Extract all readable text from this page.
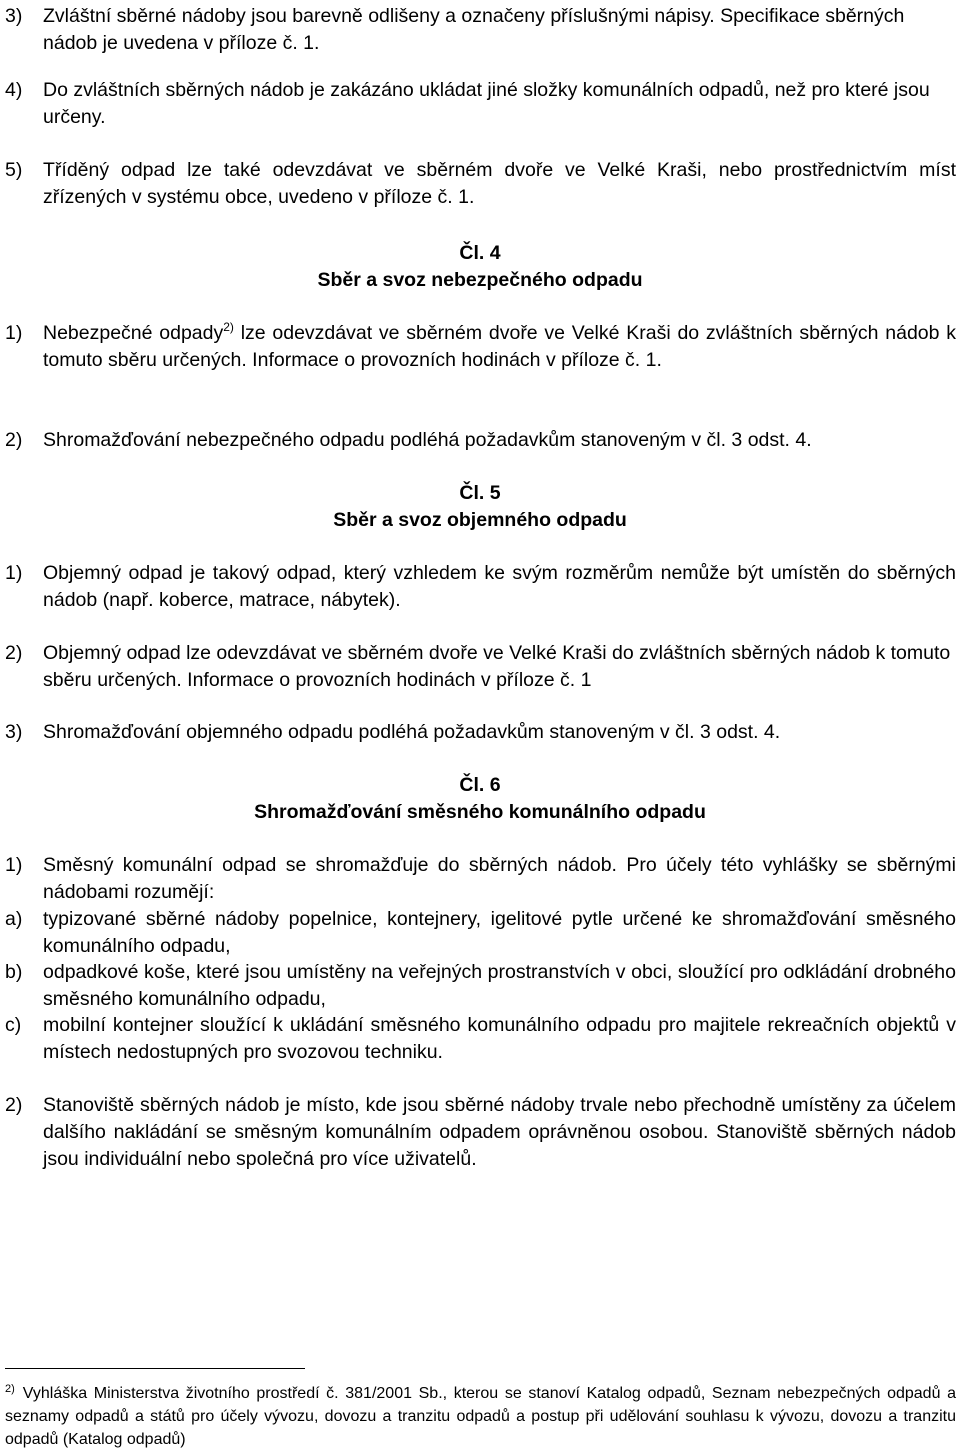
3) Zvláštní sběrné nádoby jsou barevně odlišeny a označeny příslušnými nápisy. Specifikace sběrných nádob je uvedena v příloze č. 1.
4) Do zvláštních sběrných nádob je zakázáno ukládat jiné složky komunálních odpadů, než pro které jsou určeny.
5) Tříděný odpad lze také odevzdávat ve sběrném dvoře ve Velké Kraši, nebo prostřednictvím míst zřízených v systému obce, uvedeno v příloze č. 1.
Čl. 4
Sběr a svoz nebezpečného odpadu
1) Nebezpečné odpady$^{2)}$ lze odevzdávat ve sběrném dvoře ve Velké Kraši do zvláštních sběrných nádob k tomuto sběru určených. Informace o provozních hodinách v příloze č. 1.
2) Shromažďování nebezpečného odpadu podléhá požadavkům stanoveným v čl. 3 odst. 4.
Čl. 5
Sběr a svoz objemného odpadu
1) Objemný odpad je takový odpad, který vzhledem ke svým rozměrům nemůže být umístěn do sběrných nádob (např. koberce, matrace, nábytek).
2) Objemný odpad lze odevzdávat ve sběrném dvoře ve Velké Kraši do zvláštních sběrných nádob k tomuto sběru určených. Informace o provozních hodinách v příloze č. 1
3) Shromažďování objemného odpadu podléhá požadavkům stanoveným v čl. 3 odst. 4.
Čl. 6
Shromažďování směsného komunálního odpadu
1) Směsný komunální odpad se shromažďuje do sběrných nádob. Pro účely této vyhlášky se sběrnými nádobami rozumějí:
a) typizované sběrné nádoby popelnice, kontejnery, igelitové pytle určené ke shromažďování směsného komunálního odpadu,
b) odpadkové koše, které jsou umístěny na veřejných prostranstvích v obci, sloužící pro odkládání drobného směsného komunálního odpadu,
c) mobilní kontejner sloužící k ukládání směsného komunálního odpadu pro majitele rekreačních objektů v místech nedostupných pro svozovou techniku.
2) Stanoviště sběrných nádob je místo, kde jsou sběrné nádoby trvale nebo přechodně umístěny za účelem dalšího nakládání se směsným komunálním odpadem oprávněnou osobou. Stanoviště sběrných nádob jsou individuální nebo společná pro více uživatelů.
$^{2)}$ Vyhláška Ministerstva životního prostředí č. 381/2001 Sb., kterou se stanoví Katalog odpadů, Seznam nebezpečných odpadů a seznamy odpadů a států pro účely vývozu, dovozu a tranzitu odpadů a postup při udělování souhlasu k vývozu, dovozu a tranzitu odpadů (Katalog odpadů)
